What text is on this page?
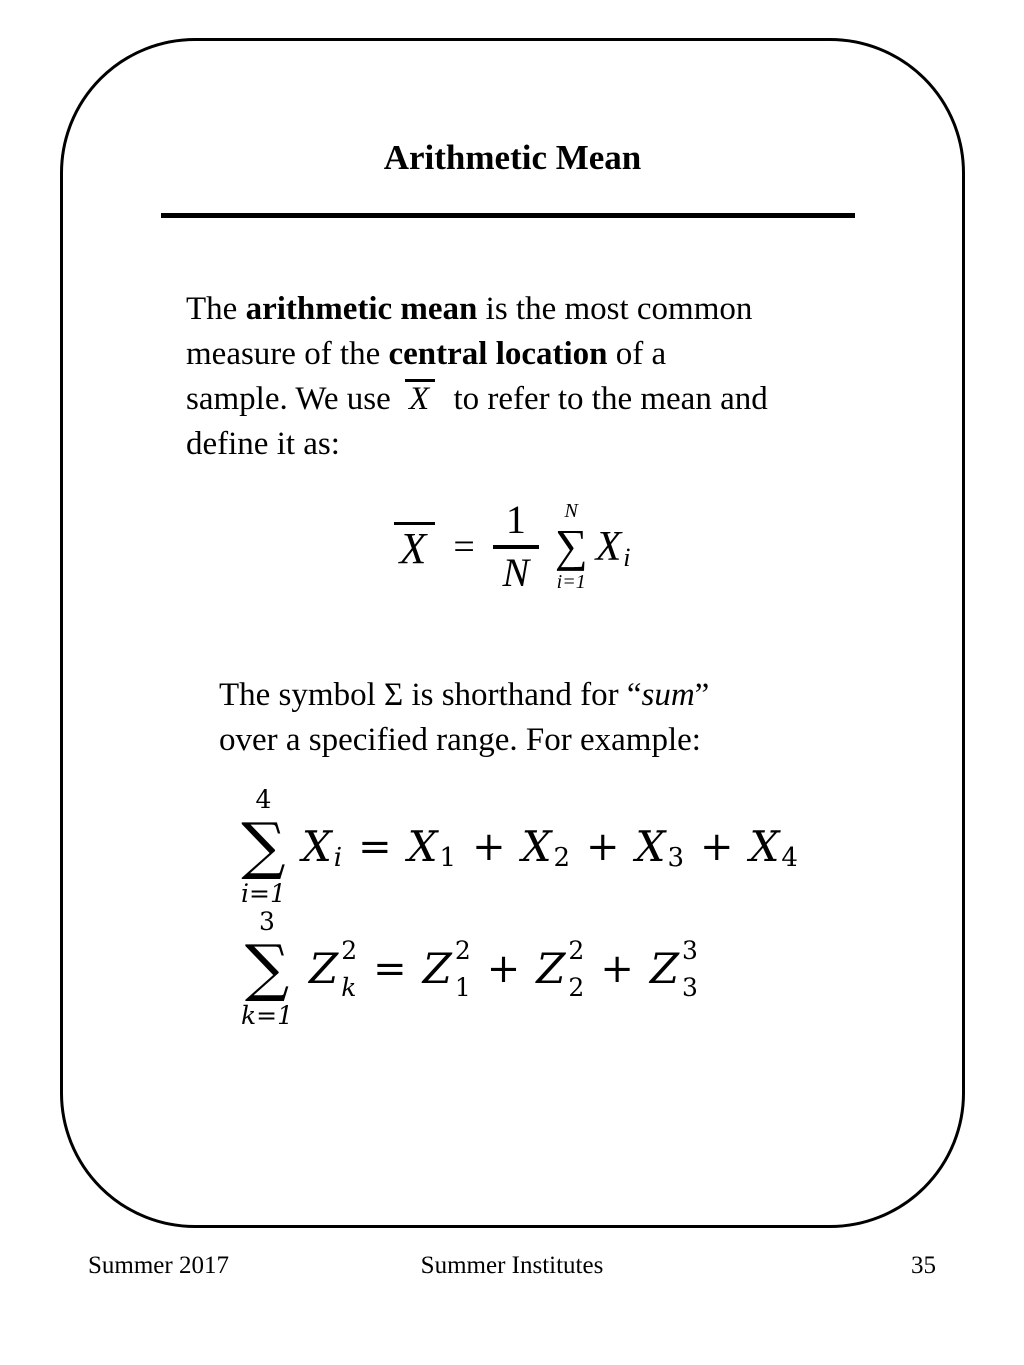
Arithmetic Mean
The arithmetic mean is the most common
measure of the central location of a
sample. We use X to refer to the mean and
define it as:
$X = \frac{1}{N}$ N
∑
i=1
X i
The symbol Σ is shorthand for “sum”
over a specified range. For example:
4
∑
i=1
X i = X 1 + X 2 + X 3 + X 4
3
∑
k=1
Z 2
k = Z 2
1 + Z 2
2 + Z 3
3
Summer 2017	Summer Institutes	35
